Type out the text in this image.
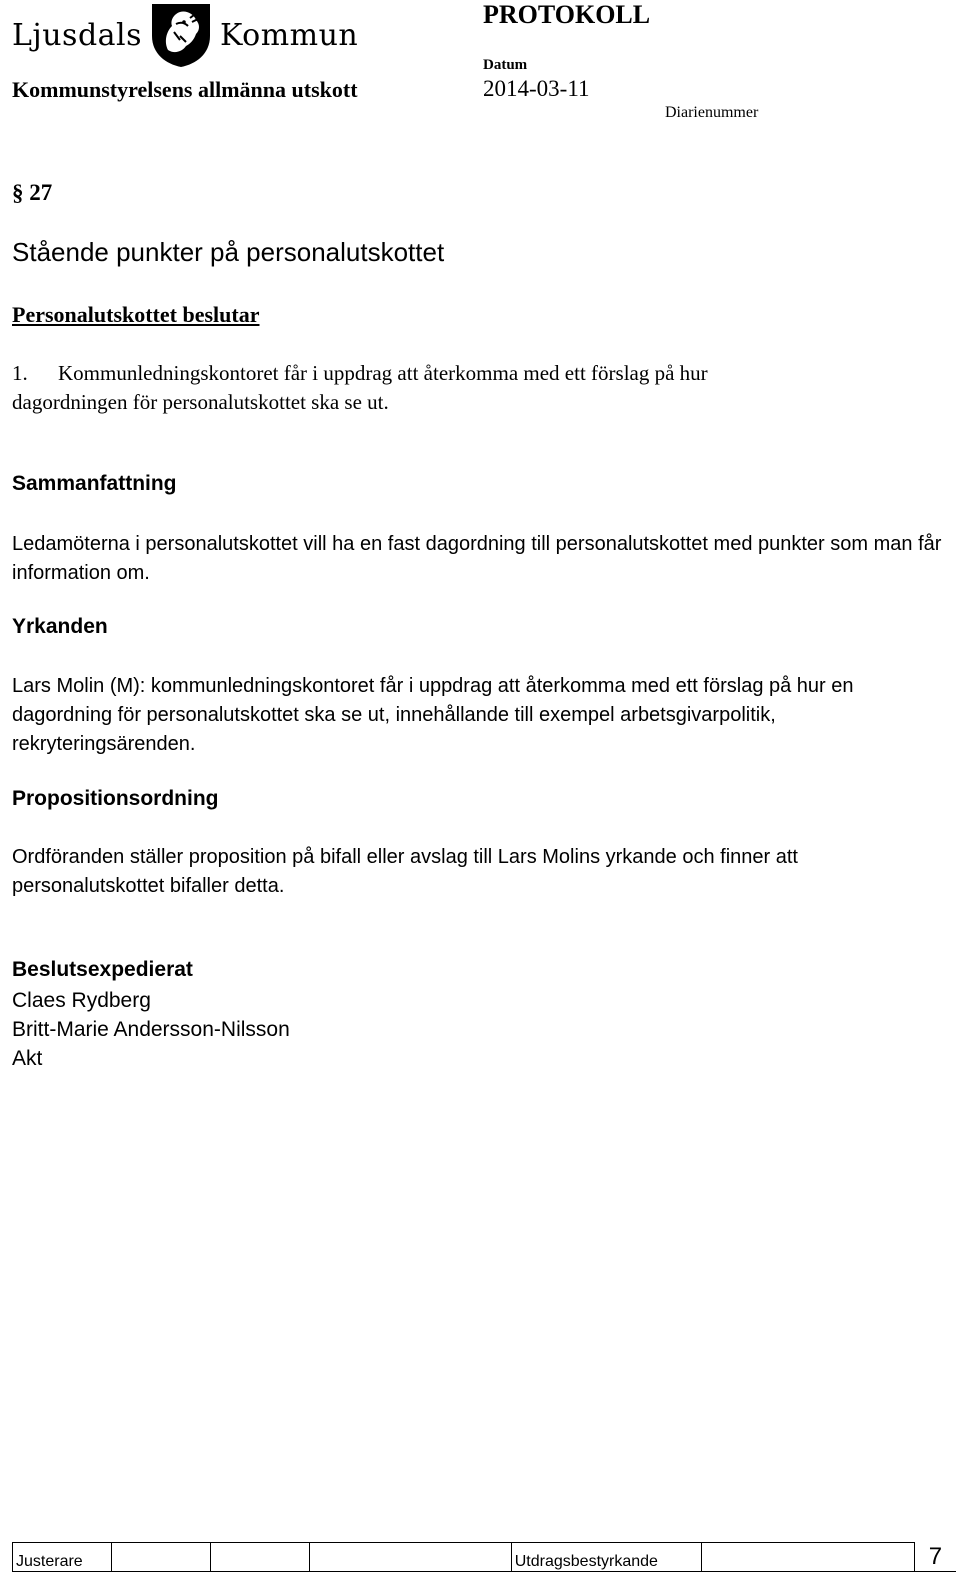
Ljusdals	Kommun
PROTOKOLL
Kommunstyrelsens allmänna utskott
Datum
2014-03-11
Diarienummer
§ 27
Stående punkter på personalutskottet
Personalutskottet beslutar
1. Kommunledningskontoret får i uppdrag att återkomma med ett förslag på hur
dagordningen för personalutskottet ska se ut.
Sammanfattning
Ledamöterna i personalutskottet vill ha en fast dagordning till personalutskottet med punkter som man får information om.
Yrkanden
Lars Molin (M): kommunledningskontoret får i uppdrag att återkomma med ett förslag på hur en dagordning för personalutskottet ska se ut, innehållande till exempel arbetsgivarpolitik, rekryteringsärenden.
Propositionsordning
Ordföranden ställer proposition på bifall eller avslag till Lars Molins yrkande och finner att personalutskottet bifaller detta.
Beslutsexpedierat
Claes Rydberg
Britt-Marie Andersson-Nilsson
Akt
Justerare				Utdragsbestyrkande		7
